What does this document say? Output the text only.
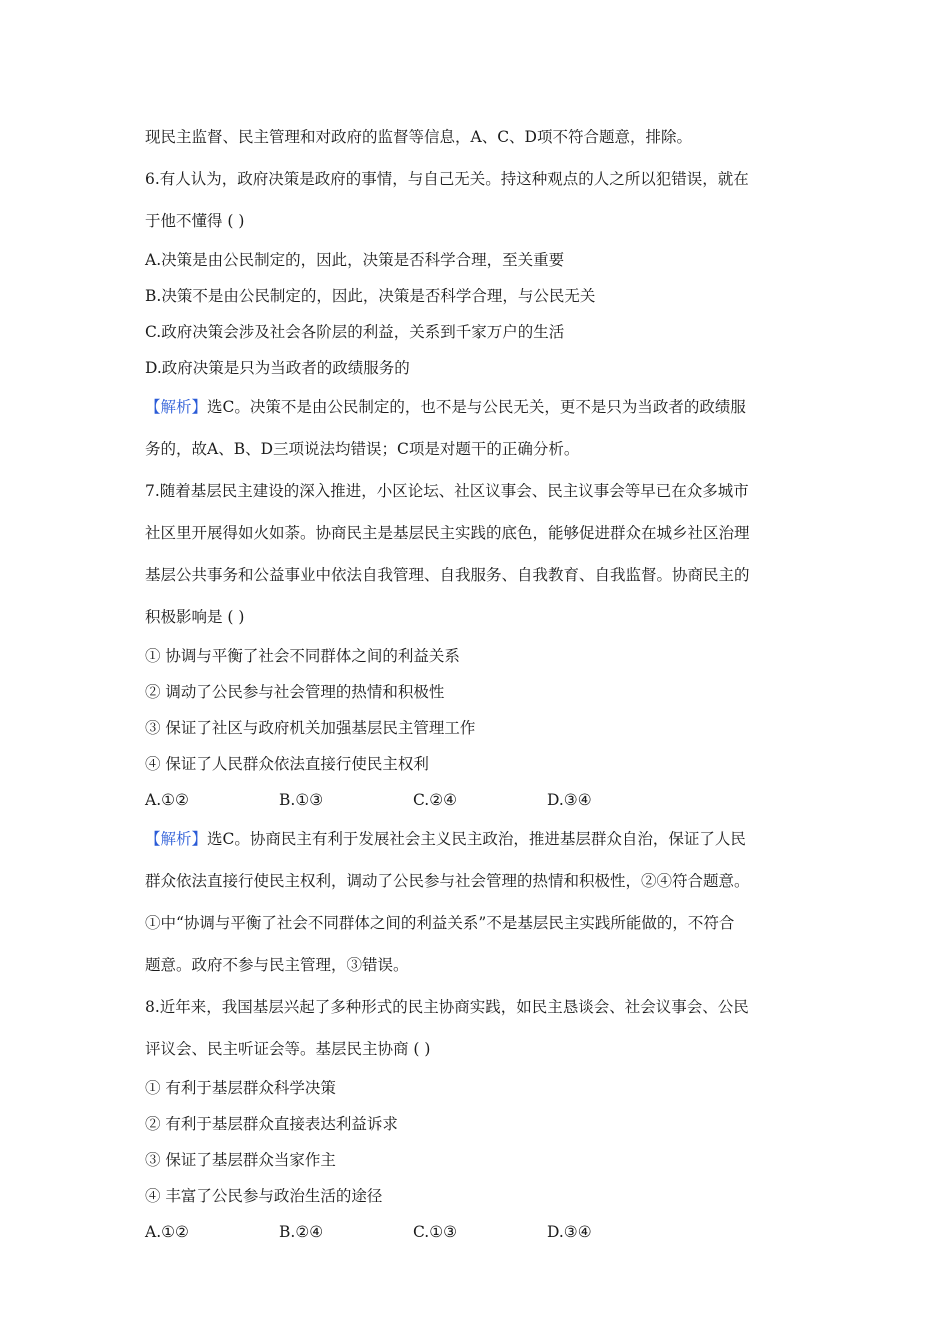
现民主监督、民主管理和对政府的监督等信息，A、C、D项不符合题意，排除。
6.有人认为，政府决策是政府的事情，与自己无关。持这种观点的人之所以犯错误，就在
于他不懂得 ( )
A.决策是由公民制定的，因此，决策是否科学合理，至关重要
B.决策不是由公民制定的，因此，决策是否科学合理，与公民无关
C.政府决策会涉及社会各阶层的利益，关系到千家万户的生活
D.政府决策是只为当政者的政绩服务的
【解析】选C。决策不是由公民制定的，也不是与公民无关，更不是只为当政者的政绩服
务的，故A、B、D三项说法均错误；C项是对题干的正确分析。
7.随着基层民主建设的深入推进，小区论坛、社区议事会、民主议事会等早已在众多城市
社区里开展得如火如荼。协商民主是基层民主实践的底色，能够促进群众在城乡社区治理
基层公共事务和公益事业中依法自我管理、自我服务、自我教育、自我监督。协商民主的
积极影响是 ( )
① 协调与平衡了社会不同群体之间的利益关系
② 调动了公民参与社会管理的热情和积极性
③ 保证了社区与政府机关加强基层民主管理工作
④ 保证了人民群众依法直接行使民主权利
A.①②	B.①③	C.②④	D.③④
【解析】选C。协商民主有利于发展社会主义民主政治，推进基层群众自治，保证了人民
群众依法直接行使民主权利，调动了公民参与社会管理的热情和积极性，②④符合题意。
①中“协调与平衡了社会不同群体之间的利益关系”不是基层民主实践所能做的，不符合
题意。政府不参与民主管理，③错误。
8.近年来，我国基层兴起了多种形式的民主协商实践，如民主恳谈会、社会议事会、公民
评议会、民主听证会等。基层民主协商 ( )
① 有利于基层群众科学决策
② 有利于基层群众直接表达利益诉求
③ 保证了基层群众当家作主
④ 丰富了公民参与政治生活的途径
A.①②	B.②④	C.①③	D.③④
